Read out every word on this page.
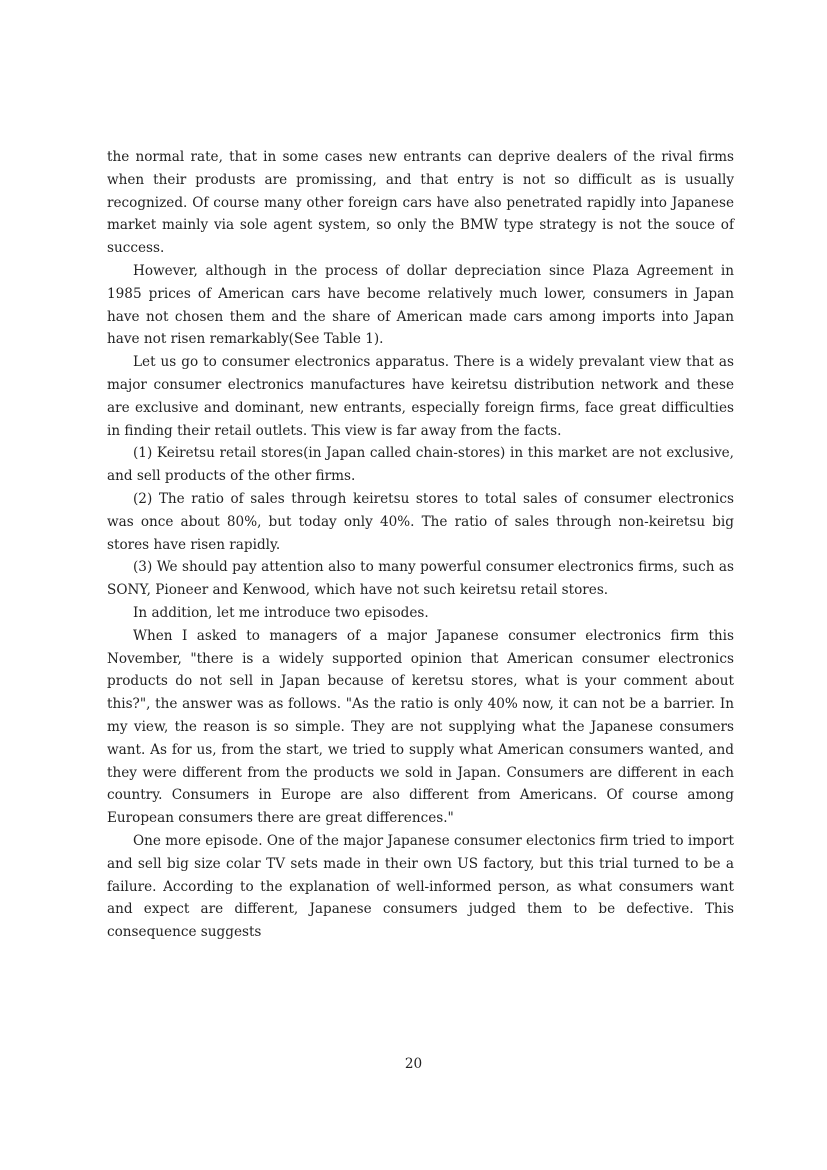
the normal rate, that in some cases new entrants can deprive dealers of the rival firms when their produsts are promissing, and that entry is not so difficult as is usually recognized. Of course many other foreign cars have also penetrated rapidly into Japanese market mainly via sole agent system, so only the BMW type strategy is not the souce of success.

However, although in the process of dollar depreciation since Plaza Agreement in 1985 prices of American cars have become relatively much lower, consumers in Japan have not chosen them and the share of American made cars among imports into Japan have not risen remarkably(See Table 1).

Let us go to consumer electronics apparatus. There is a widely prevalant view that as major consumer electronics manufactures have keiretsu distribution network and these are exclusive and dominant, new entrants, especially foreign firms, face great difficulties in finding their retail outlets. This view is far away from the facts.

(1) Keiretsu retail stores(in Japan called chain-stores) in this market are not exclusive, and sell products of the other firms.

(2) The ratio of sales through keiretsu stores to total sales of consumer electronics was once about 80%, but today only 40%. The ratio of sales through non-keiretsu big stores have risen rapidly.

(3) We should pay attention also to many powerful consumer electronics firms, such as SONY, Pioneer and Kenwood, which have not such keiretsu retail stores.

In addition, let me introduce two episodes.

When I asked to managers of a major Japanese consumer electronics firm this November, "there is a widely supported opinion that American consumer electronics products do not sell in Japan because of keretsu stores, what is your comment about this?", the answer was as follows. "As the ratio is only 40% now, it can not be a barrier. In my view, the reason is so simple. They are not supplying what the Japanese consumers want. As for us, from the start, we tried to supply what American consumers wanted, and they were different from the products we sold in Japan. Consumers are different in each country. Consumers in Europe are also different from Americans. Of course among European consumers there are great differences."

One more episode. One of the major Japanese consumer electonics firm tried to import and sell big size colar TV sets made in their own US factory, but this trial turned to be a failure. According to the explanation of well-informed person, as what consumers want and expect are different, Japanese consumers judged them to be defective. This consequence suggests

20
